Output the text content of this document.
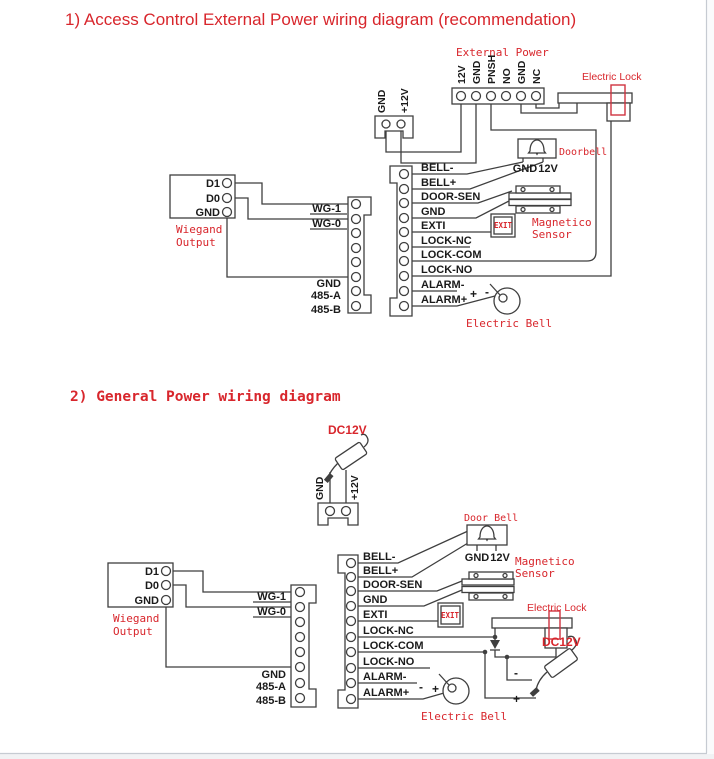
1) Access Control External Power wiring diagram (recommendation)
External Power
12V GND PNSH NO GND NC
GND +12V
Electric Lock
Doorbell
GND 12V
D1
D0
GND
Wiegand
Output
WG-1
WG-0
GND
485-A
485-B
BELL-
BELL+
DOOR-SEN
GND
EXTI
LOCK-NC
LOCK-COM
LOCK-NO
ALARM-
ALARM+
EXIT Magnetico
Sensor
+ -
Electric Bell
2) General Power wiring diagram
DC12V
GND +12V
Door Bell
GND 12V Magnetico
Sensor
Electric Lock
DC12V
D1
D0
GND
Wiegand
Output
WG-1
WG-0
GND
485-A
485-B
BELL-
BELL+
DOOR-SEN
GND
EXTI
LOCK-NC
LOCK-COM
LOCK-NO
ALARM-
ALARM+
EXIT
- +
-
+
Electric Bell
